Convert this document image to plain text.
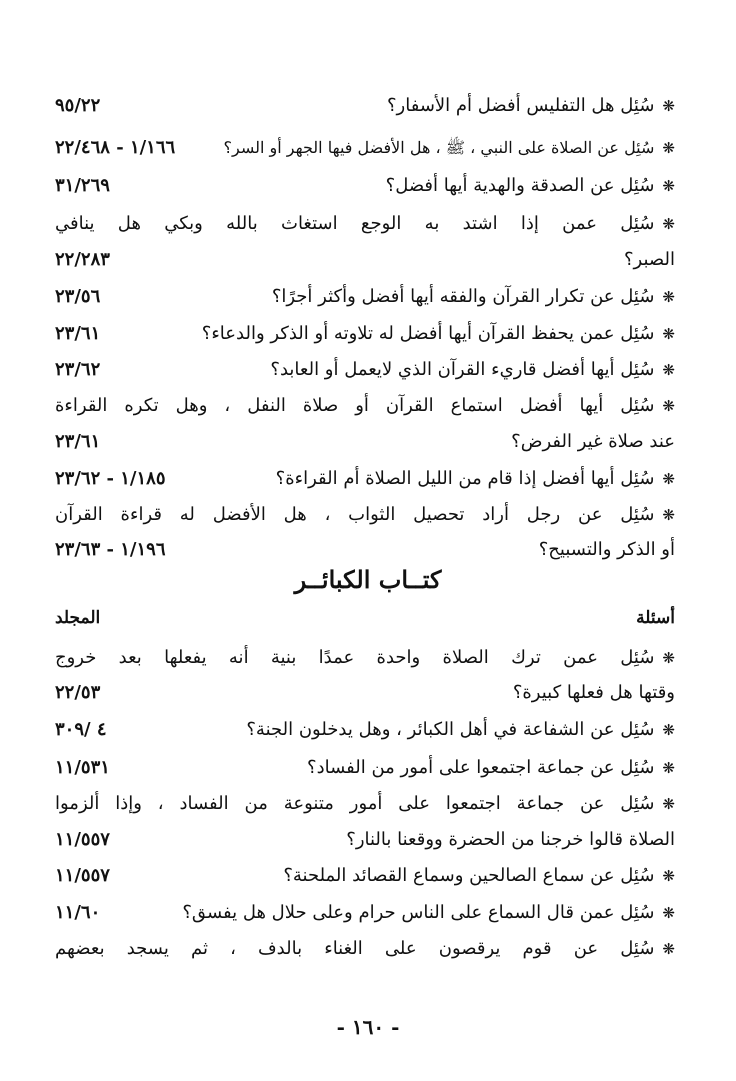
❋سُئِل هل التفليس أفضل أم الأسفار؟
٩٥/٢٢
❋سُئِل عن الصلاة على النبي ، ﷺ ، هل الأفضل فيها الجهر أو السر؟
١/١٦٦ - ٢٢/٤٦٨
❋سُئِل عن الصدقة والهدية أيها أفضل؟
٣١/٢٦٩
❋سُئِل عمن إذا اشتد به الوجع استغاث بالله وبكي هل ينافي
الصبر؟
٢٢/٢٨٣
❋سُئِل عن تكرار القرآن والفقه أيها أفضل وأكثر أجرًا؟
٢٣/٥٦
❋سُئِل عمن يحفظ القرآن أيها أفضل له تلاوته أو الذكر والدعاء؟
٢٣/٦١
❋سُئِل أيها أفضل قاريء القرآن الذي لايعمل أو العابد؟
٢٣/٦٢
❋سُئِل أيها أفضل استماع القرآن أو صلاة النفل ، وهل تكره القراءة
عند صلاة غير الفرض؟
٢٣/٦١
❋سُئِل أيها أفضل إذا قام من الليل الصلاة أم القراءة؟
١/١٨٥ - ٢٣/٦٢
❋سُئِل عن رجل أراد تحصيل الثواب ، هل الأفضل له قراءة القرآن
أو الذكر والتسبيح؟
١/١٩٦ - ٢٣/٦٣
كتــاب الكبائــر
أسئلة
المجلد
❋سُئِل عمن ترك الصلاة واحدة عمدًا بنية أنه يفعلها بعد خروج
وقتها هل فعلها كبيرة؟
٢٢/٥٣
❋سُئِل عن الشفاعة في أهل الكبائر ، وهل يدخلون الجنة؟
٤ /٣٠٩
❋سُئِل عن جماعة اجتمعوا على أمور من الفساد؟
١١/٥٣١
❋سُئِل عن جماعة اجتمعوا على أمور متنوعة من الفساد ، وإذا ألزموا
الصلاة قالوا خرجنا من الحضرة ووقعنا بالنار؟
١١/٥٥٧
❋سُئِل عن سماع الصالحين وسماع القصائد الملحنة؟
١١/٥٥٧
❋سُئِل عمن قال السماع على الناس حرام وعلى حلال هل يفسق؟
١١/٦٠
❋سُئِل عن قوم يرقصون على الغناء بالدف ، ثم يسجد بعضهم
- ١٦٠ -
